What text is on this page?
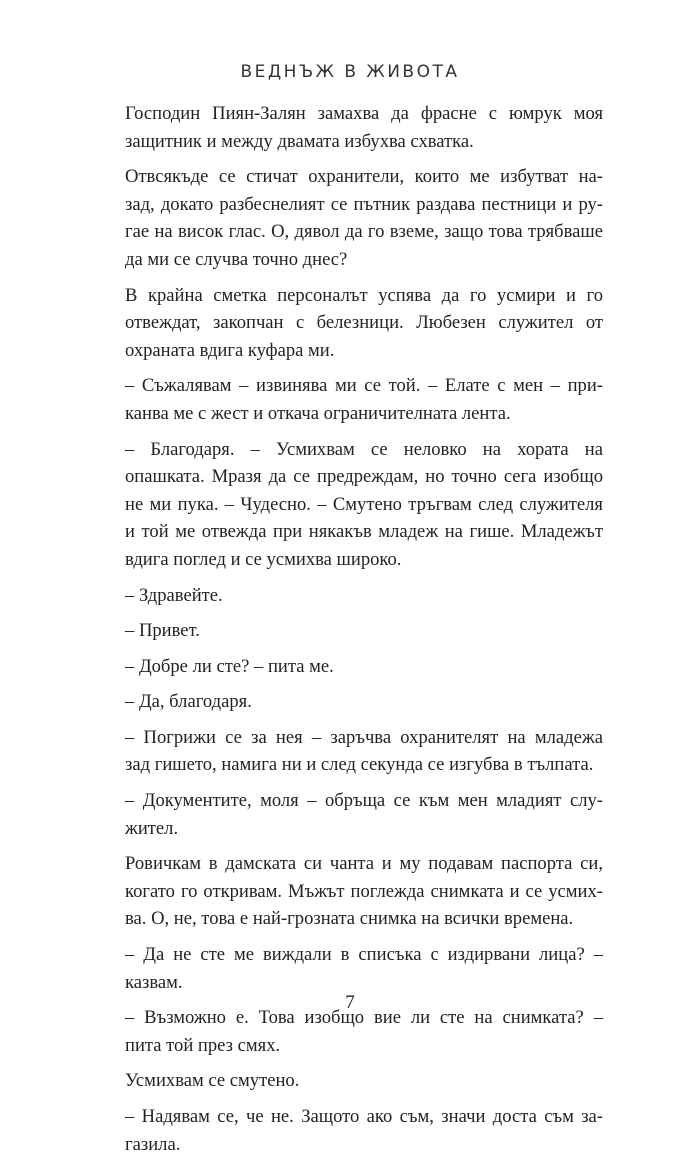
ВЕДНЪЖ В ЖИВОТА

Господин Пиян-Залян замахва да фрасне с юмрук моя
защитник и между двамата избухва схватка.

Отвсякъде се стичат охранители, които ме избутват на-
зад, докато разбеснелият се пътник раздава пестници и ру-
гае на висок глас. О, дявол да го вземе, защо това трябваше
да ми се случва точно днес?

В крайна сметка персоналът успява да го усмири и го
отвеждат, закопчан с белезници. Любезен служител от
охраната вдига куфара ми.

– Съжалявам – извинява ми се той. – Елате с мен – при-
канва ме с жест и откача ограничителната лента.

– Благодаря. – Усмихвам се неловко на хората на
опашката. Мразя да се предреждам, но точно сега изобщо
не ми пука. – Чудесно. – Смутено тръгвам след служителя
и той ме отвежда при някакъв младеж на гише. Младежът
вдига поглед и се усмихва широко.

– Здравейте.

– Привет.

– Добре ли сте? – пита ме.

– Да, благодаря.

– Погрижи се за нея – заръчва охранителят на младежа
зад гишето, намига ни и след секунда се изгубва в тълпата.

– Документите, моля – обръща се към мен младият слу-
жител.

Ровичкам в дамската си чанта и му подавам паспорта си,
когато го откривам. Мъжът поглежда снимката и се усмих-
ва. О, не, това е най-грозната снимка на всички времена.

– Да не сте ме виждали в списъка с издирвани лица? –
казвам.

– Възможно е. Това изобщо вие ли сте на снимката? –
пита той през смях.

Усмихвам се смутено.

– Надявам се, че не. Защото ако съм, значи доста съм за-
газила.

7
